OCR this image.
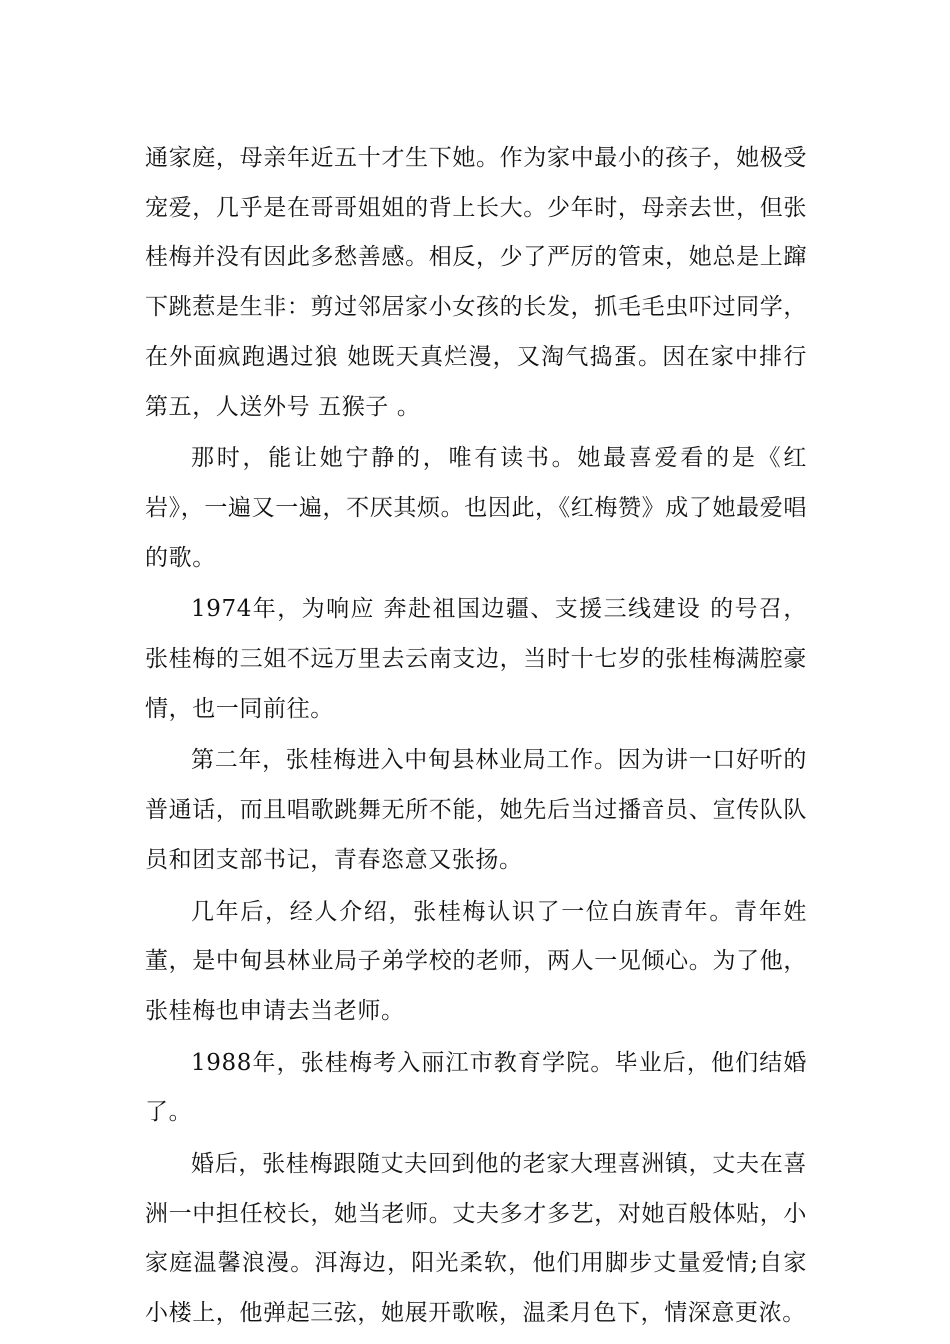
通家庭，母亲年近五十才生下她。作为家中最小的孩子，她极受宠爱，几乎是在哥哥姐姐的背上长大。少年时，母亲去世，但张桂梅并没有因此多愁善感。相反，少了严厉的管束，她总是上蹿下跳惹是生非：剪过邻居家小女孩的长发，抓毛毛虫吓过同学，在外面疯跑遇过狼 她既天真烂漫，又淘气捣蛋。因在家中排行第五，人送外号 五猴子 。

那时，能让她宁静的，唯有读书。她最喜爱看的是《红岩》，一遍又一遍，不厌其烦。也因此，《红梅赞》成了她最爱唱的歌。

1974年，为响应 奔赴祖国边疆、支援三线建设 的号召，张桂梅的三姐不远万里去云南支边，当时十七岁的张桂梅满腔豪情，也一同前往。

第二年，张桂梅进入中甸县林业局工作。因为讲一口好听的普通话，而且唱歌跳舞无所不能，她先后当过播音员、宣传队队员和团支部书记，青春恣意又张扬。

几年后，经人介绍，张桂梅认识了一位白族青年。青年姓董，是中甸县林业局子弟学校的老师，两人一见倾心。为了他，张桂梅也申请去当老师。

1988年，张桂梅考入丽江市教育学院。毕业后，他们结婚了。

婚后，张桂梅跟随丈夫回到他的老家大理喜洲镇，丈夫在喜洲一中担任校长，她当老师。丈夫多才多艺，对她百般体贴，小家庭温馨浪漫。洱海边，阳光柔软，他们用脚步丈量爱情;自家小楼上，他弹起三弦，她展开歌喉，温柔月色下，情深意更浓。
